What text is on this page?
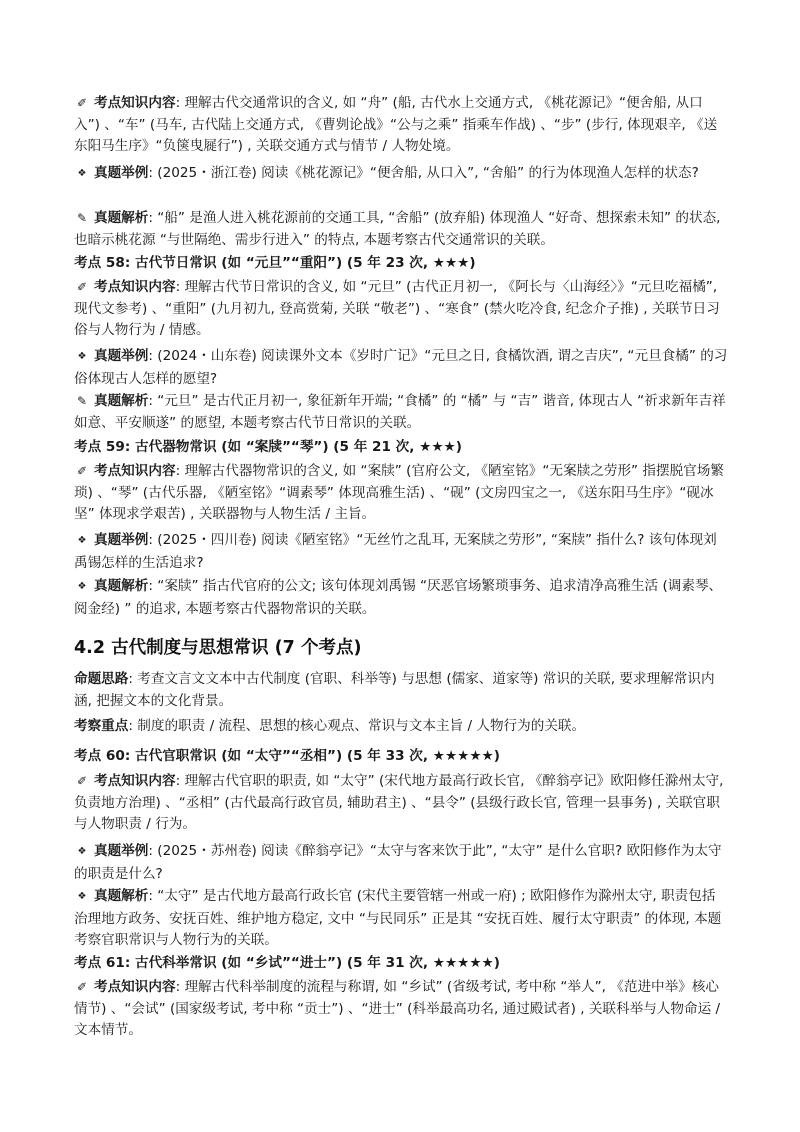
✐ 考点知识内容: 理解古代交通常识的含义, 如 “舟” (船, 古代水上交通方式, 《桃花源记》“便舍船, 从口入”) 、“车” (马车, 古代陆上交通方式, 《曹刿论战》“公与之乘” 指乘车作战) 、“步” (步行, 体现艰辛, 《送东阳马生序》“负箧曳屣行”) , 关联交通方式与情节 / 人物处境。
❖ 真题举例: (2025・浙江卷) 阅读《桃花源记》“便舍船, 从口入”, “舍船” 的行为体现渔人怎样的状态?
✎ 真题解析: “船” 是渔人进入桃花源前的交通工具, “舍船” (放弃船) 体现渔人 “好奇、想探索未知” 的状态, 也暗示桃花源 “与世隔绝、需步行进入” 的特点, 本题考察古代交通常识的关联。
考点 58: 古代节日常识 (如 “元旦”“重阳”) (5 年 23 次, ★★★)
✐ 考点知识内容: 理解古代节日常识的含义, 如 “元旦” (古代正月初一, 《阿长与〈山海经〉》“元旦吃福橘”, 现代文参考) 、“重阳” (九月初九, 登高赏菊, 关联 “敬老”) 、“寒食” (禁火吃冷食, 纪念介子推) , 关联节日习俗与人物行为 / 情感。
❖ 真题举例: (2024・山东卷) 阅读课外文本《岁时广记》“元旦之日, 食橘饮酒, 谓之吉庆”, “元旦食橘” 的习俗体现古人怎样的愿望?
✎ 真题解析: “元旦” 是古代正月初一, 象征新年开端; “食橘” 的 “橘” 与 “吉” 谐音, 体现古人 “祈求新年吉祥如意、平安顺遂” 的愿望, 本题考察古代节日常识的关联。
考点 59: 古代器物常识 (如 “案牍”“琴”) (5 年 21 次, ★★★)
✐ 考点知识内容: 理解古代器物常识的含义, 如 “案牍” (官府公文, 《陋室铭》“无案牍之劳形” 指摆脱官场繁琐) 、“琴” (古代乐器, 《陋室铭》“调素琴” 体现高雅生活) 、“砚” (文房四宝之一, 《送东阳马生序》“砚冰坚” 体现求学艰苦) , 关联器物与人物生活 / 主旨。
❖ 真题举例: (2025・四川卷) 阅读《陋室铭》“无丝竹之乱耳, 无案牍之劳形”, “案牍” 指什么? 该句体现刘禹锡怎样的生活追求?
❖ 真题解析: “案牍” 指古代官府的公文; 该句体现刘禹锡 “厌恶官场繁琐事务、追求清净高雅生活 (调素琴、阅金经) ” 的追求, 本题考察古代器物常识的关联。
4.2 古代制度与思想常识 (7 个考点)
命题思路: 考查文言文文本中古代制度 (官职、科举等) 与思想 (儒家、道家等) 常识的关联, 要求理解常识内涵, 把握文本的文化背景。
考察重点: 制度的职责 / 流程、思想的核心观点、常识与文本主旨 / 人物行为的关联。
考点 60: 古代官职常识 (如 “太守”“丞相”) (5 年 33 次, ★★★★★)
✐ 考点知识内容: 理解古代官职的职责, 如 “太守” (宋代地方最高行政长官, 《醉翁亭记》欧阳修任滁州太守, 负责地方治理) 、“丞相” (古代最高行政官员, 辅助君主) 、“县令” (县级行政长官, 管理一县事务) , 关联官职与人物职责 / 行为。
❖ 真题举例: (2025・苏州卷) 阅读《醉翁亭记》“太守与客来饮于此”, “太守” 是什么官职? 欧阳修作为太守的职责是什么?
❖ 真题解析: “太守” 是古代地方最高行政长官 (宋代主要管辖一州或一府) ; 欧阳修作为滁州太守, 职责包括治理地方政务、安抚百姓、维护地方稳定, 文中 “与民同乐” 正是其 “安抚百姓、履行太守职责” 的体现, 本题考察官职常识与人物行为的关联。
考点 61: 古代科举常识 (如 “乡试”“进士”) (5 年 31 次, ★★★★★)
✐ 考点知识内容: 理解古代科举制度的流程与称谓, 如 “乡试” (省级考试, 考中称 “举人”, 《范进中举》核心情节) 、“会试” (国家级考试, 考中称 “贡士”) 、“进士” (科举最高功名, 通过殿试者) , 关联科举与人物命运 / 文本情节。
